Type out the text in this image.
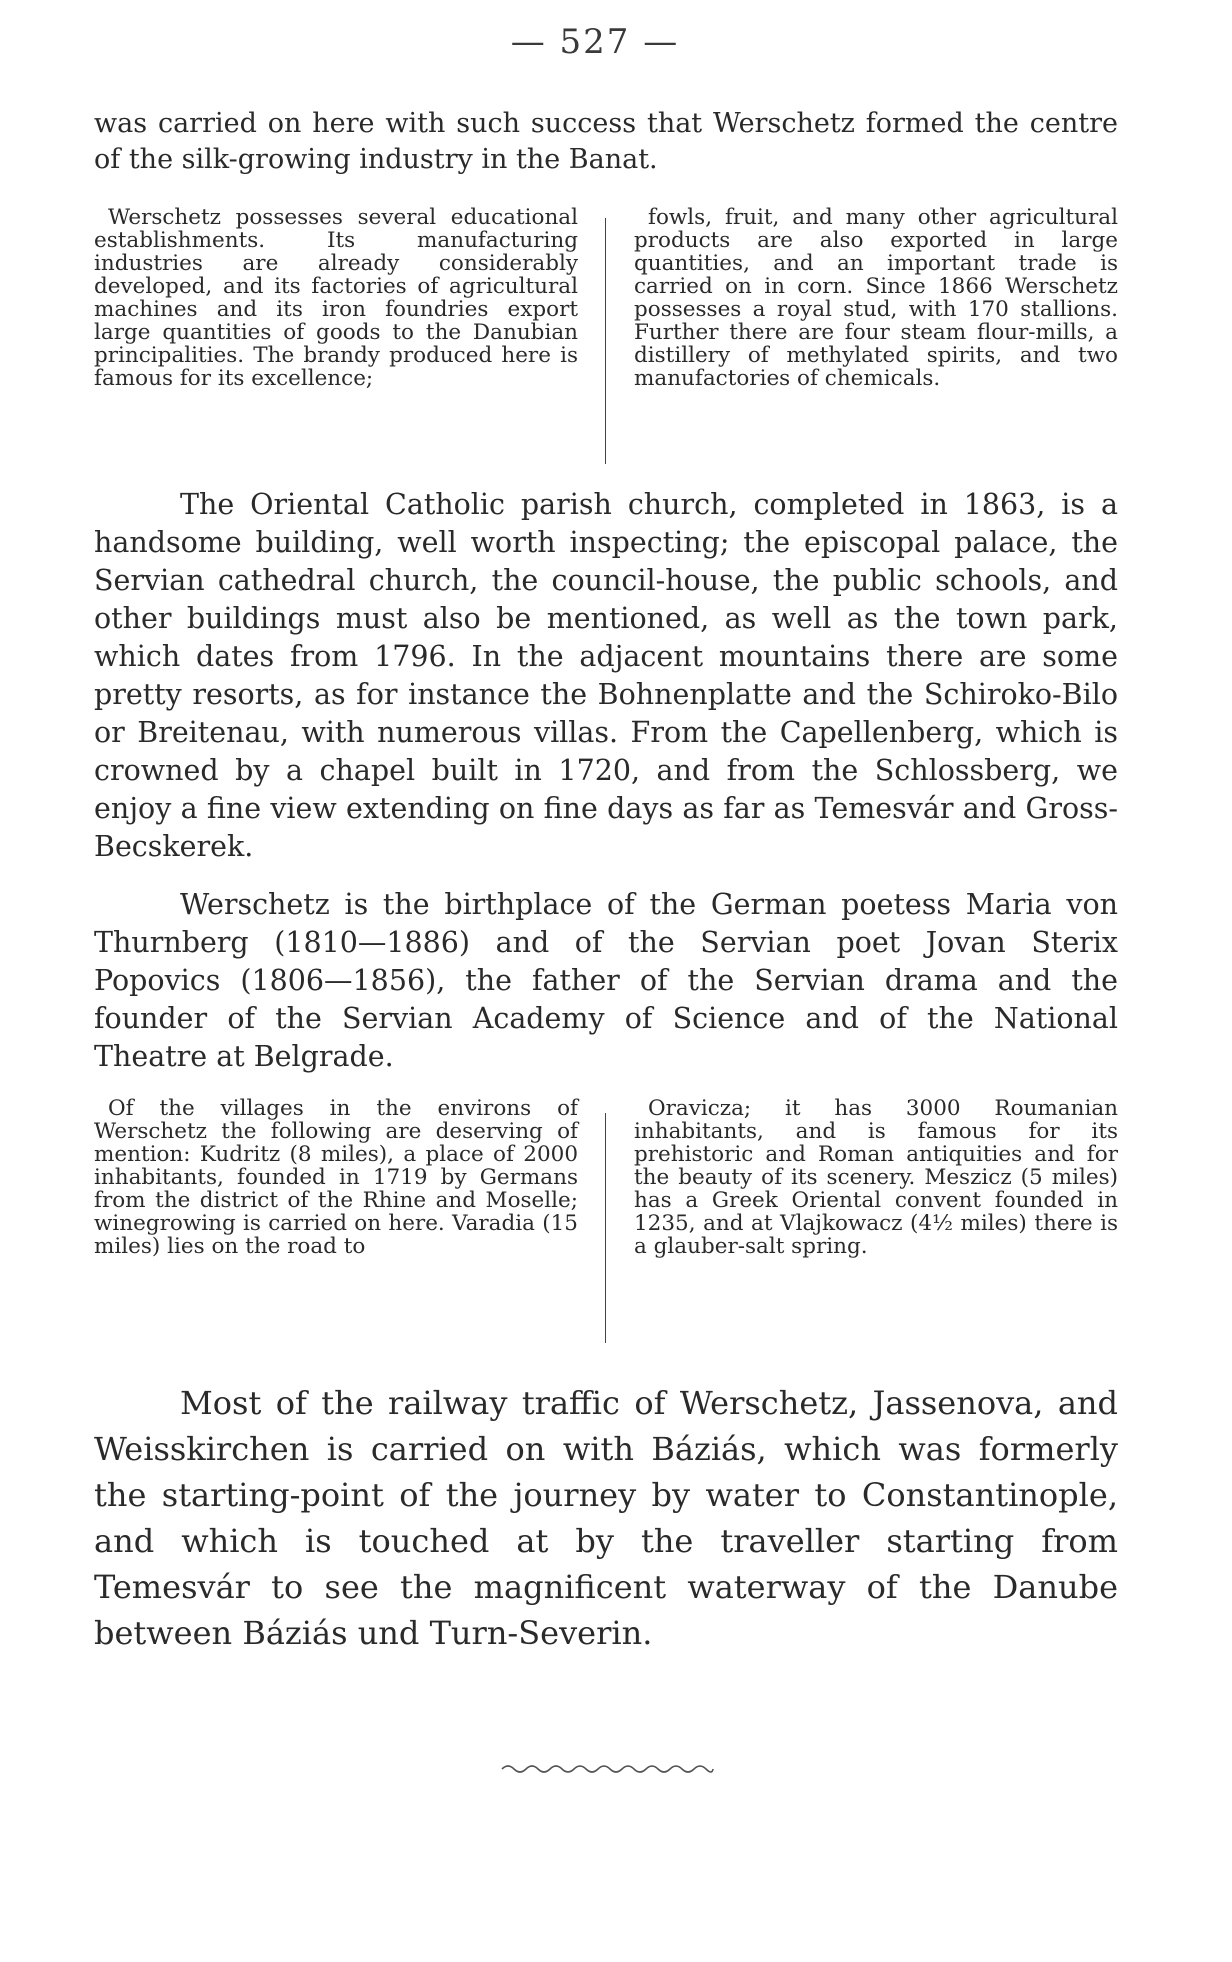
— 527 —

was carried on here with such success that Werschetz formed the centre of the silk-growing industry in the Banat.

Werschetz possesses several educational establishments. Its manufacturing industries are already considerably developed, and its factories of agricultural machines and its iron foundries export large quantities of goods to the Danubian principalities. The brandy produced here is famous for its excellence;

fowls, fruit, and many other agricultural products are also exported in large quantities, and an important trade is carried on in corn. Since 1866 Werschetz possesses a royal stud, with 170 stallions. Further there are four steam flour-mills, a distillery of methylated spirits, and two manufactories of chemicals.

The Oriental Catholic parish church, completed in 1863, is a handsome building, well worth inspecting; the episcopal palace, the Servian cathedral church, the council-house, the public schools, and other buildings must also be mentioned, as well as the town park, which dates from 1796. In the adjacent mountains there are some pretty resorts, as for instance the Bohnenplatte and the Schiroko-Bilo or Breitenau, with numerous villas. From the Capellenberg, which is crowned by a chapel built in 1720, and from the Schlossberg, we enjoy a fine view extending on fine days as far as Temesvár and Gross-Becskerek.

Werschetz is the birthplace of the German poetess Maria von Thurnberg (1810—1886) and of the Servian poet Jovan Sterix Popovics (1806—1856), the father of the Servian drama and the founder of the Servian Academy of Science and of the National Theatre at Belgrade.

Of the villages in the environs of Werschetz the following are deserving of mention: Kudritz (8 miles), a place of 2000 inhabitants, founded in 1719 by Germans from the district of the Rhine and Moselle; winegrowing is carried on here. Varadia (15 miles) lies on the road to

Oravicza; it has 3000 Roumanian inhabitants, and is famous for its prehistoric and Roman antiquities and for the beauty of its scenery. Meszicz (5 miles) has a Greek Oriental convent founded in 1235, and at Vlajkowacz (4½ miles) there is a glauber-salt spring.

Most of the railway traffic of Werschetz, Jassenova, and Weisskirchen is carried on with Báziás, which was formerly the starting-point of the journey by water to Constantinople, and which is touched at by the traveller starting from Temesvár to see the magnificent waterway of the Danube between Báziás und Turn-Severin.
